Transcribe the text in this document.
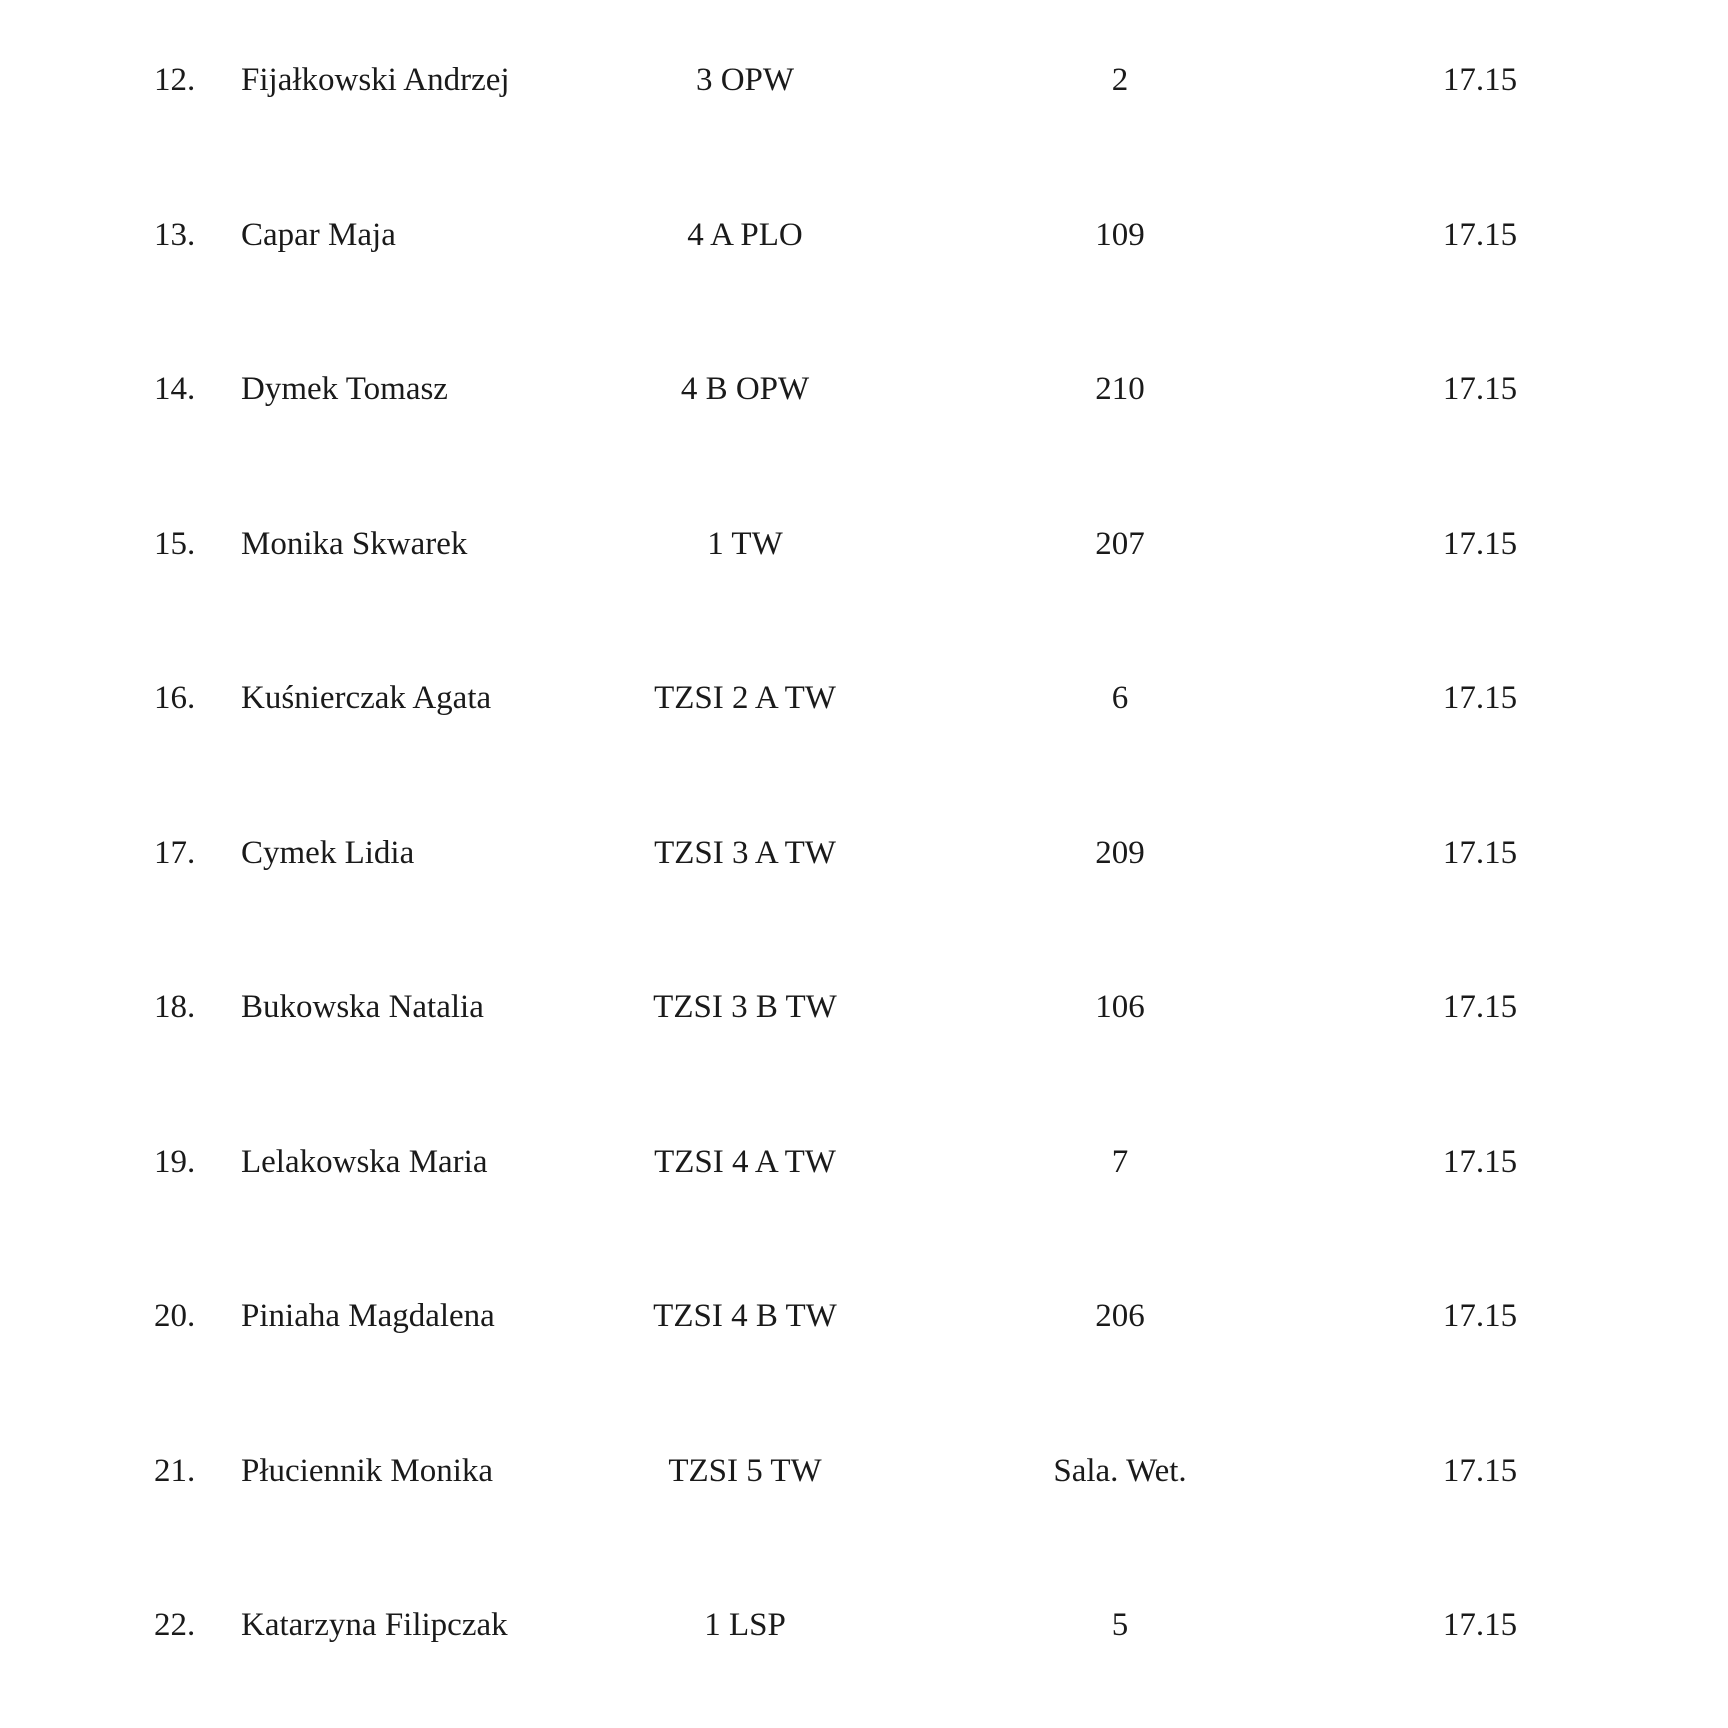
12.	Fijałkowski Andrzej	3 OPW	2	17.15
13.	Capar Maja	4 A PLO	109	17.15
14.	Dymek Tomasz	4 B OPW	210	17.15
15.	Monika Skwarek	1 TW	207	17.15
16.	Kuśnierczak Agata	TZSI 2 A TW	6	17.15
17.	Cymek Lidia	TZSI 3 A TW	209	17.15
18.	Bukowska Natalia	TZSI 3 B TW	106	17.15
19.	Lelakowska Maria	TZSI 4 A TW	7	17.15
20.	Piniaha Magdalena	TZSI 4 B TW	206	17.15
21.	Płuciennik Monika	TZSI 5 TW	Sala. Wet.	17.15
22.	Katarzyna Filipczak	1 LSP	5	17.15
